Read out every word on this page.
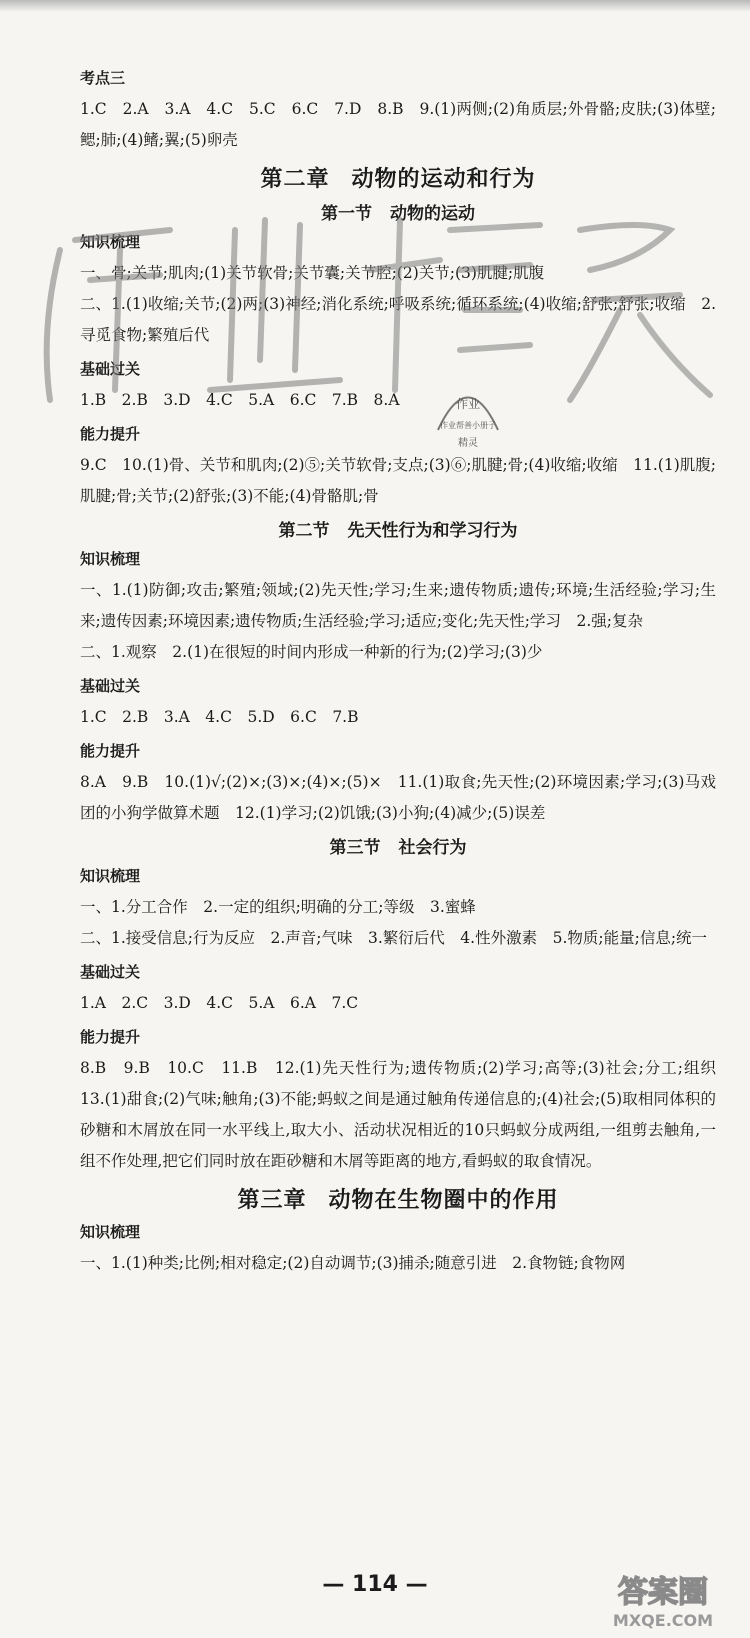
考点三
1.C　2.A　3.A　4.C　5.C　6.C　7.D　8.B　9.(1)两侧;(2)角质层;外骨骼;皮肤;(3)体壁;鳃;肺;(4)鳍;翼;(5)卵壳
第二章 动物的运动和行为
第一节 动物的运动
知识梳理
一、骨;关节;肌肉;(1)关节软骨;关节囊;关节腔;(2)关节;(3)肌腱;肌腹
二、1.(1)收缩;关节;(2)两;(3)神经;消化系统;呼吸系统;循环系统;(4)收缩;舒张;舒张;收缩　2.寻觅食物;繁殖后代
基础过关
1.B　2.B　3.D　4.C　5.A　6.C　7.B　8.A
能力提升
9.C　10.(1)骨、关节和肌肉;(2)⑤;关节软骨;支点;(3)⑥;肌腱;骨;(4)收缩;收缩　11.(1)肌腹;肌腱;骨;关节;(2)舒张;(3)不能;(4)骨骼肌;骨
第二节 先天性行为和学习行为
知识梳理
一、1.(1)防御;攻击;繁殖;领域;(2)先天性;学习;生来;遗传物质;遗传;环境;生活经验;学习;生来;遗传因素;环境因素;遗传物质;生活经验;学习;适应;变化;先天性;学习　2.强;复杂
二、1.观察　2.(1)在很短的时间内形成一种新的行为;(2)学习;(3)少
基础过关
1.C　2.B　3.A　4.C　5.D　6.C　7.B
能力提升
8.A　9.B　10.(1)√;(2)×;(3)×;(4)×;(5)×　11.(1)取食;先天性;(2)环境因素;学习;(3)马戏团的小狗学做算术题　12.(1)学习;(2)饥饿;(3)小狗;(4)减少;(5)误差
第三节 社会行为
知识梳理
一、1.分工合作　2.一定的组织;明确的分工;等级　3.蜜蜂
二、1.接受信息;行为反应　2.声音;气味　3.繁衍后代　4.性外激素　5.物质;能量;信息;统一
基础过关
1.A　2.C　3.D　4.C　5.A　6.A　7.C
能力提升
8.B　9.B　10.C　11.B　12.(1)先天性行为;遗传物质;(2)学习;高等;(3)社会;分工;组织　13.(1)甜食;(2)气味;触角;(3)不能;蚂蚁之间是通过触角传递信息的;(4)社会;(5)取相同体积的砂糖和木屑放在同一水平线上,取大小、活动状况相近的10只蚂蚁分成两组,一组剪去触角,一组不作处理,把它们同时放在距砂糖和木屑等距离的地方,看蚂蚁的取食情况。
第三章 动物在生物圈中的作用
知识梳理
一、1.(1)种类;比例;相对稳定;(2)自动调节;(3)捕杀;随意引进　2.食物链;食物网
作业
作业帮善小册子
精灵
答案圈
MXQE.COM
— 114 —
